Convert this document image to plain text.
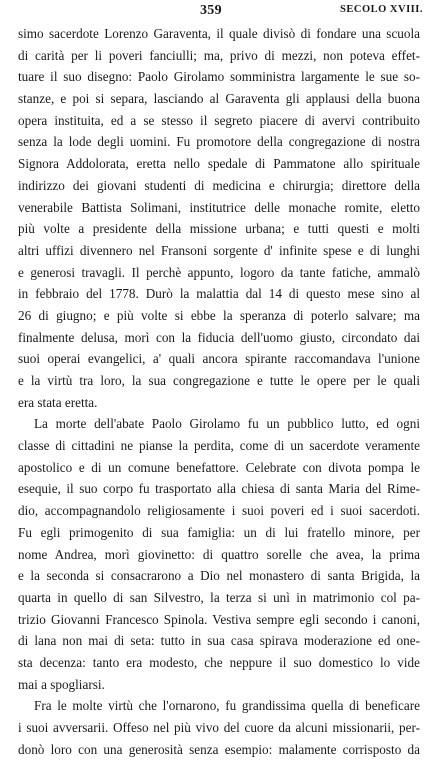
359	SECOLO XVIII.
simo sacerdote Lorenzo Garaventa, il quale divisò di fondare una scuola
di carità per li poveri fanciulli; ma, privo di mezzi, non poteva effet-
tuare il suo disegno: Paolo Girolamo somministra largamente le sue so-
stanze, e poi si separa, lasciando al Garaventa gli applausi della buona
opera instituita, ed a se stesso il segreto piacere di avervi contribuito
senza la lode degli uomini. Fu promotore della congregazione di nostra
Signora Addolorata, eretta nello spedale di Pammatone allo spirituale
indirizzo dei giovani studenti di medicina e chirurgia; direttore della
venerabile Battista Solimani, institutrice delle monache romite, eletto
più volte a presidente della missione urbana; e tutti questi e molti
altri uffizi divennero nel Fransoni sorgente d' infinite spese e di lunghi
e generosi travagli. Il perchè appunto, logoro da tante fatiche, ammalò
in febbraio del 1778. Durò la malattia dal 14 di questo mese sino al
26 di giugno; e più volte si ebbe la speranza di poterlo salvare; ma
finalmente delusa, morì con la fiducia dell'uomo giusto, circondato dai
suoi operai evangelici, a' quali ancora spirante raccomandava l'unione
e la virtù tra loro, la sua congregazione e tutte le opere per le quali
era stata eretta.
La morte dell'abate Paolo Girolamo fu un pubblico lutto, ed ogni
classe di cittadini ne pianse la perdita, come di un sacerdote veramente
apostolico e di un comune benefattore. Celebrate con divota pompa le
esequie, il suo corpo fu trasportato alla chiesa di santa Maria del Rime-
dio, accompagnandolo religiosamente i suoi poveri ed i suoi sacerdoti.
Fu egli primogenito di sua famiglia: un di lui fratello minore, per
nome Andrea, morì giovinetto: di quattro sorelle che avea, la prima
e la seconda si consacrarono a Dio nel monastero di santa Brigida, la
quarta in quello di san Silvestro, la terza si unì in matrimonio col pa-
trizio Giovanni Francesco Spinola. Vestiva sempre egli secondo i canoni,
di lana non mai di seta: tutto in sua casa spirava moderazione ed one-
sta decenza: tanto era modesto, che neppure il suo domestico lo vide
mai a spogliarsi.
Fra le molte virtù che l'ornarono, fu grandissima quella di beneficare
i suoi avversarii. Offeso nel più vivo del cuore da alcuni missionarii, per-
donò loro con una generosità senza esempio: malamente corrisposto da
